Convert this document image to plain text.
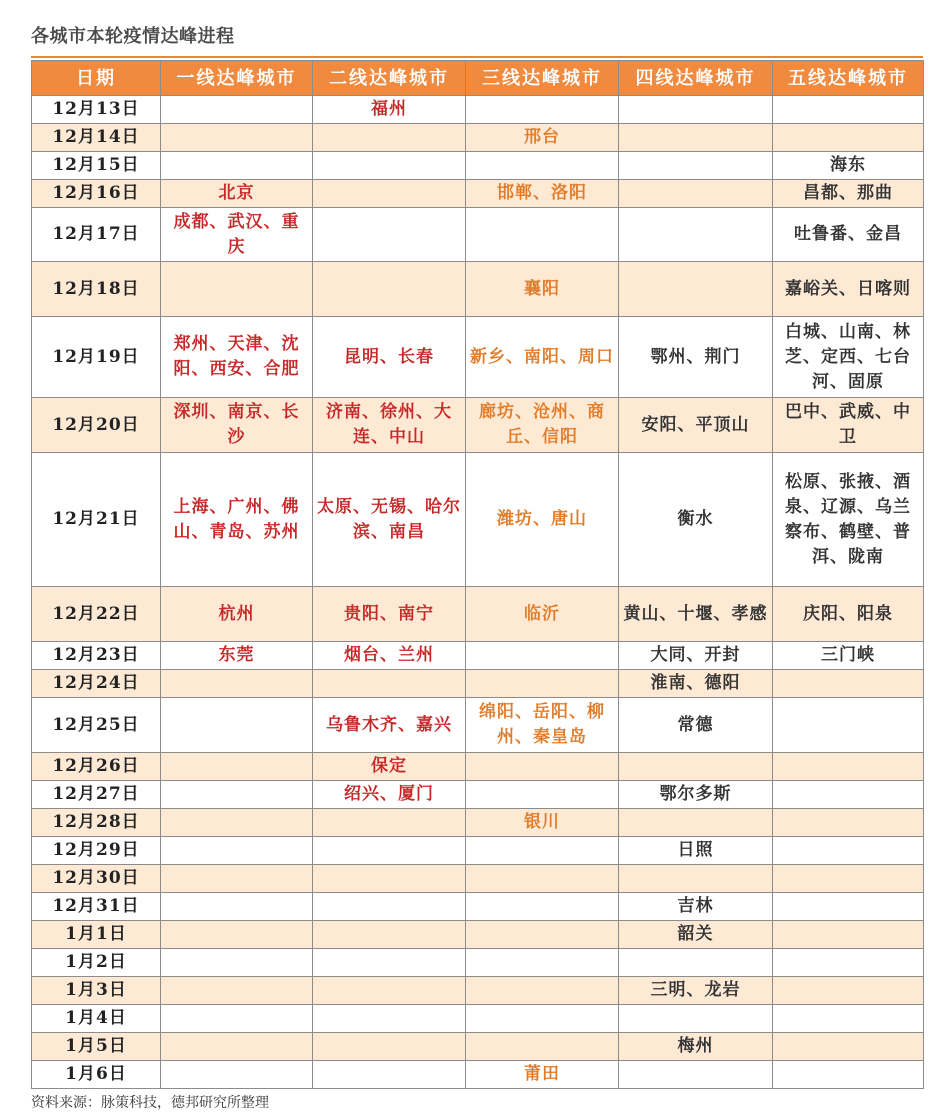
各城市本轮疫情达峰进程
日期	一线达峰城市	二线达峰城市	三线达峰城市	四线达峰城市	五线达峰城市
12月13日		福州			
12月14日			邢台		
12月15日					海东
12月16日	北京		邯郸、洛阳		昌都、那曲
12月17日	成都、武汉、重庆				吐鲁番、金昌
12月18日			襄阳		嘉峪关、日喀则
12月19日	郑州、天津、沈阳、西安、合肥	昆明、长春	新乡、南阳、周口	鄂州、荆门	白城、山南、林芝、定西、七台河、固原
12月20日	深圳、南京、长沙	济南、徐州、大连、中山	廊坊、沧州、商丘、信阳	安阳、平顶山	巴中、武威、中卫
12月21日	上海、广州、佛山、青岛、苏州	太原、无锡、哈尔滨、南昌	潍坊、唐山	衡水	松原、张掖、酒泉、辽源、乌兰察布、鹤壁、普洱、陇南
12月22日	杭州	贵阳、南宁	临沂	黄山、十堰、孝感	庆阳、阳泉
12月23日	东莞	烟台、兰州		大同、开封	三门峡
12月24日				淮南、德阳	
12月25日		乌鲁木齐、嘉兴	绵阳、岳阳、柳州、秦皇岛	常德	
12月26日		保定			
12月27日		绍兴、厦门		鄂尔多斯	
12月28日			银川		
12月29日				日照	
12月30日					
12月31日				吉林	
1月1日				韶关	
1月2日					
1月3日				三明、龙岩	
1月4日					
1月5日				梅州	
1月6日			莆田		
资料来源：脉策科技，德邦研究所整理
